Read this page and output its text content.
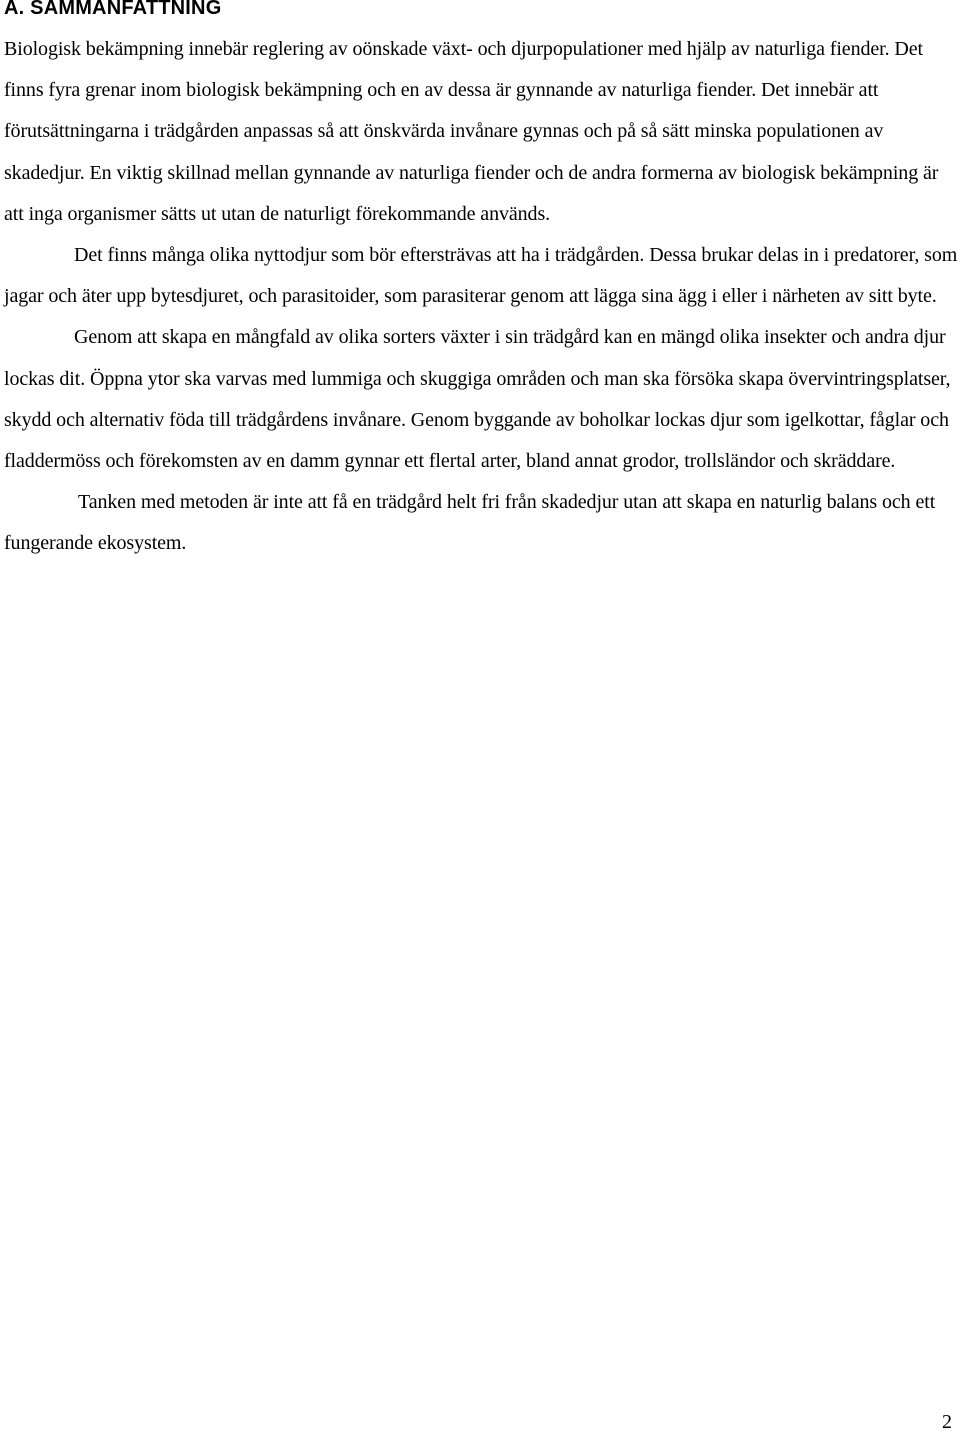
A. SAMMANFATTNING

Biologisk bekämpning innebär reglering av oönskade växt- och djurpopulationer med hjälp av naturliga fiender. Det finns fyra grenar inom biologisk bekämpning och en av dessa är gynnande av naturliga fiender. Det innebär att förutsättningarna i trädgården anpassas så att önskvärda invånare gynnas och på så sätt minska populationen av skadedjur. En viktig skillnad mellan gynnande av naturliga fiender och de andra formerna av biologisk bekämpning är att inga organismer sätts ut utan de naturligt förekommande används.

Det finns många olika nyttodjur som bör eftersträvas att ha i trädgården. Dessa brukar delas in i predatorer, som jagar och äter upp bytesdjuret, och parasitoider, som parasiterar genom att lägga sina ägg i eller i närheten av sitt byte.

Genom att skapa en mångfald av olika sorters växter i sin trädgård kan en mängd olika insekter och andra djur lockas dit. Öppna ytor ska varvas med lummiga och skuggiga områden och man ska försöka skapa övervintringsplatser, skydd och alternativ föda till trädgårdens invånare. Genom byggande av boholkar lockas djur som igelkottar, fåglar och fladdermöss och förekomsten av en damm gynnar ett flertal arter, bland annat grodor, trollsländor och skräddare.

Tanken med metoden är inte att få en trädgård helt fri från skadedjur utan att skapa en naturlig balans och ett fungerande ekosystem.

2
